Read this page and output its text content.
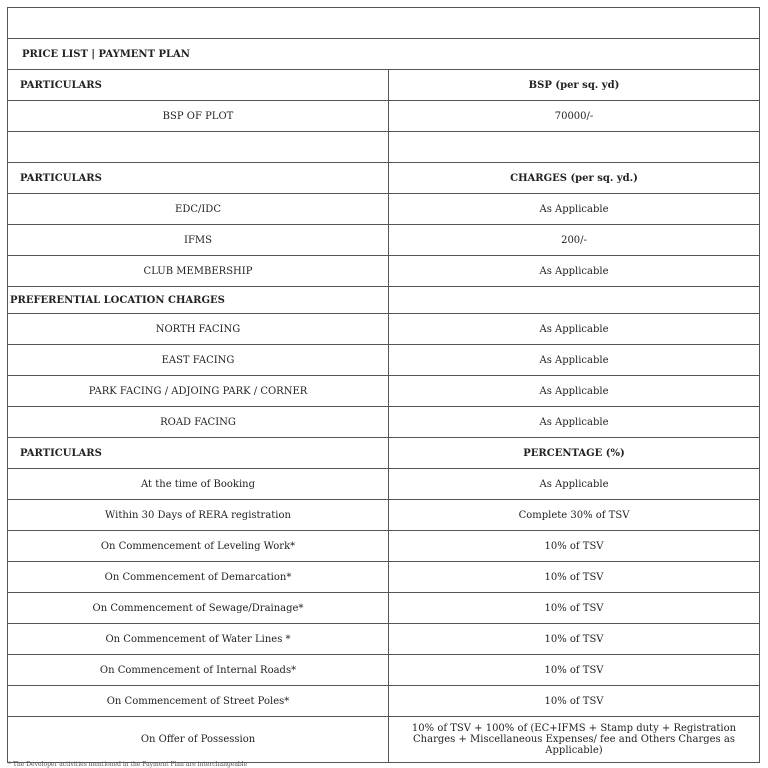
PRICE LIST | PAYMENT PLAN	
PARTICULARS	BSP (per sq. yd)
BSP OF PLOT	70000/-

PARTICULARS	CHARGES (per sq. yd.)
EDC/IDC	As Applicable
IFMS	200/-
CLUB MEMBERSHIP	As Applicable
PREFERENTIAL LOCATION CHARGES	
NORTH FACING	As Applicable
EAST FACING	As Applicable
PARK FACING / ADJOING PARK / CORNER	As Applicable
ROAD FACING	As Applicable
PARTICULARS	PERCENTAGE (%)
At the time of Booking	As Applicable
Within 30 Days of RERA registration	Complete 30% of TSV
On Commencement of Leveling Work*	10% of TSV
On Commencement of Demarcation*	10% of TSV
On Commencement of Sewage/Drainage*	10% of TSV
On Commencement of Water Lines *	10% of TSV
On Commencement of Internal Roads*	10% of TSV
On Commencement of Street Poles*	10% of TSV
On Offer of Possession	10% of TSV + 100% of (EC+IFMS + Stamp duty + Registration Charges + Miscellaneous Expenses/ fee and Others Charges as Applicable)
* The Developer activities mentioned in the Payment Plan are interchangeable
